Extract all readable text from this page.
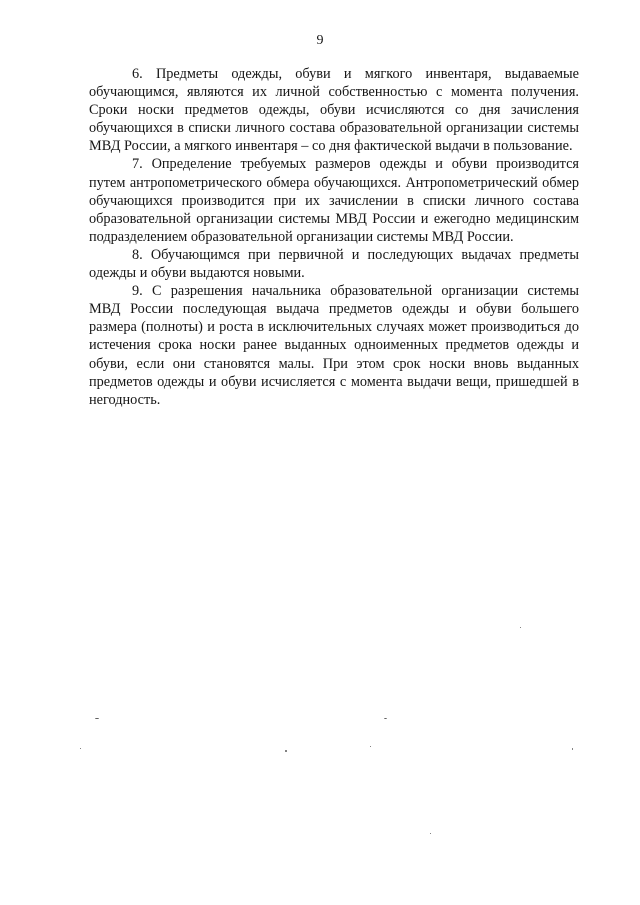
9

6. Предметы одежды, обуви и мягкого инвентаря, выдаваемые обучающимся, являются их личной собственностью с момента получения. Сроки носки предметов одежды, обуви исчисляются со дня зачисления обучающихся в списки личного состава образовательной организации системы МВД России, а мягкого инвентаря – со дня фактической выдачи в пользование.

7. Определение требуемых размеров одежды и обуви производится путем антропометрического обмера обучающихся. Антропометрический обмер обучающихся производится при их зачислении в списки личного состава образовательной организации системы МВД России и ежегодно медицинским подразделением образовательной организации системы МВД России.

8. Обучающимся при первичной и последующих выдачах предметы одежды и обуви выдаются новыми.

9. С разрешения начальника образовательной организации системы МВД России последующая выдача предметов одежды и обуви большего размера (полноты) и роста в исключительных случаях может производиться до истечения срока носки ранее выданных одноименных предметов одежды и обуви, если они становятся малы. При этом срок носки вновь выданных предметов одежды и обуви исчисляется с момента выдачи вещи, пришедшей в негодность.
